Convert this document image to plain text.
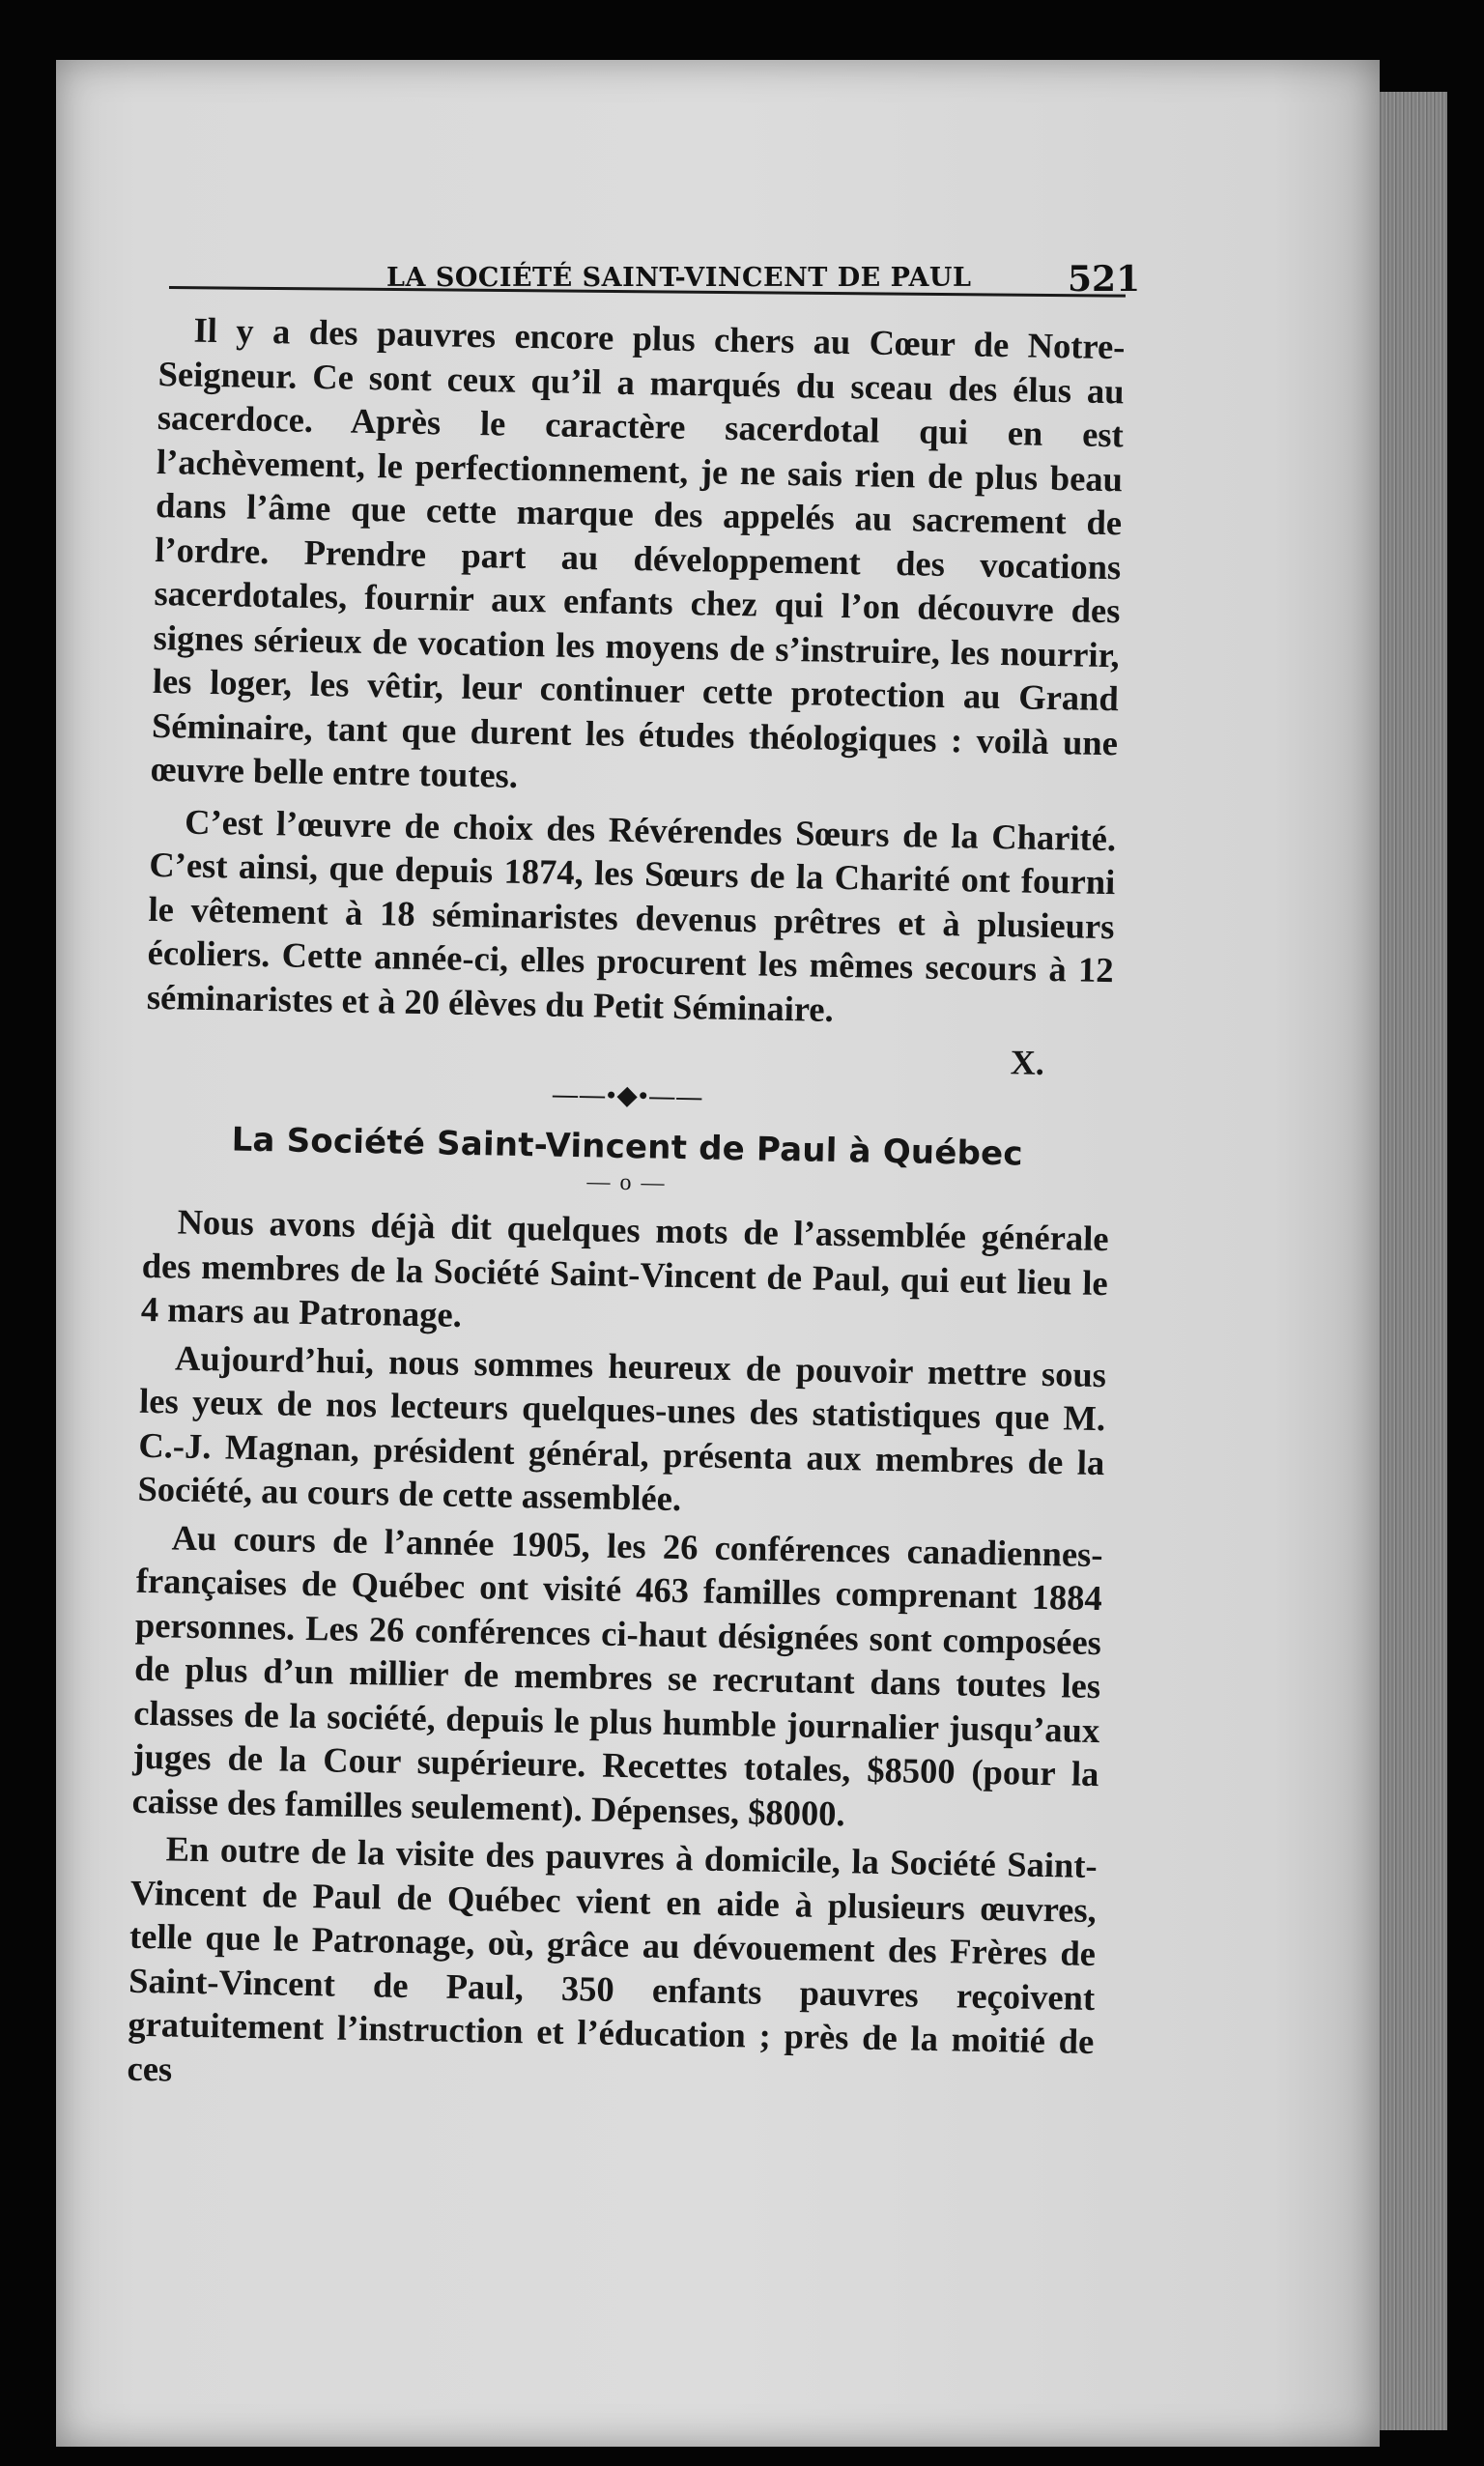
LA SOCIÉTÉ SAINT-VINCENT DE PAUL	521

Il y a des pauvres encore plus chers au Cœur de Notre-Seigneur. Ce sont ceux qu’il a marqués du sceau des élus au sacerdoce. Après le caractère sacerdotal qui en est l’achèvement, le perfectionnement, je ne sais rien de plus beau dans l’âme que cette marque des appelés au sacrement de l’ordre. Prendre part au développement des vocations sacerdotales, fournir aux enfants chez qui l’on découvre des signes sérieux de vocation les moyens de s’instruire, les nourrir, les loger, les vêtir, leur continuer cette protection au Grand Séminaire, tant que durent les études théologiques : voilà une œuvre belle entre toutes.

C’est l’œuvre de choix des Révérendes Sœurs de la Charité. C’est ainsi, que depuis 1874, les Sœurs de la Charité ont fourni le vêtement à 18 séminaristes devenus prêtres et à plusieurs écoliers. Cette année-ci, elles procurent les mêmes secours à 12 séminaristes et à 20 élèves du Petit Séminaire.

X.
——•◆•——
La Société Saint-Vincent de Paul à Québec
— o —

Nous avons déjà dit quelques mots de l’assemblée générale des membres de la Société Saint-Vincent de Paul, qui eut lieu le 4 mars au Patronage.

Aujourd’hui, nous sommes heureux de pouvoir mettre sous les yeux de nos lecteurs quelques-unes des statistiques que M. C.-J. Magnan, président général, présenta aux membres de la Société, au cours de cette assemblée.

Au cours de l’année 1905, les 26 conférences canadiennes-françaises de Québec ont visité 463 familles comprenant 1884 personnes. Les 26 conférences ci-haut désignées sont composées de plus d’un millier de membres se recrutant dans toutes les classes de la société, depuis le plus humble journalier jusqu’aux juges de la Cour supérieure. Recettes totales, $8500 (pour la caisse des familles seulement). Dépenses, $8000.

En outre de la visite des pauvres à domicile, la Société Saint-Vincent de Paul de Québec vient en aide à plusieurs œuvres, telle que le Patronage, où, grâce au dévouement des Frères de Saint-Vincent de Paul, 350 enfants pauvres reçoivent gratuitement l’instruction et l’éducation ; près de la moitié de ces
